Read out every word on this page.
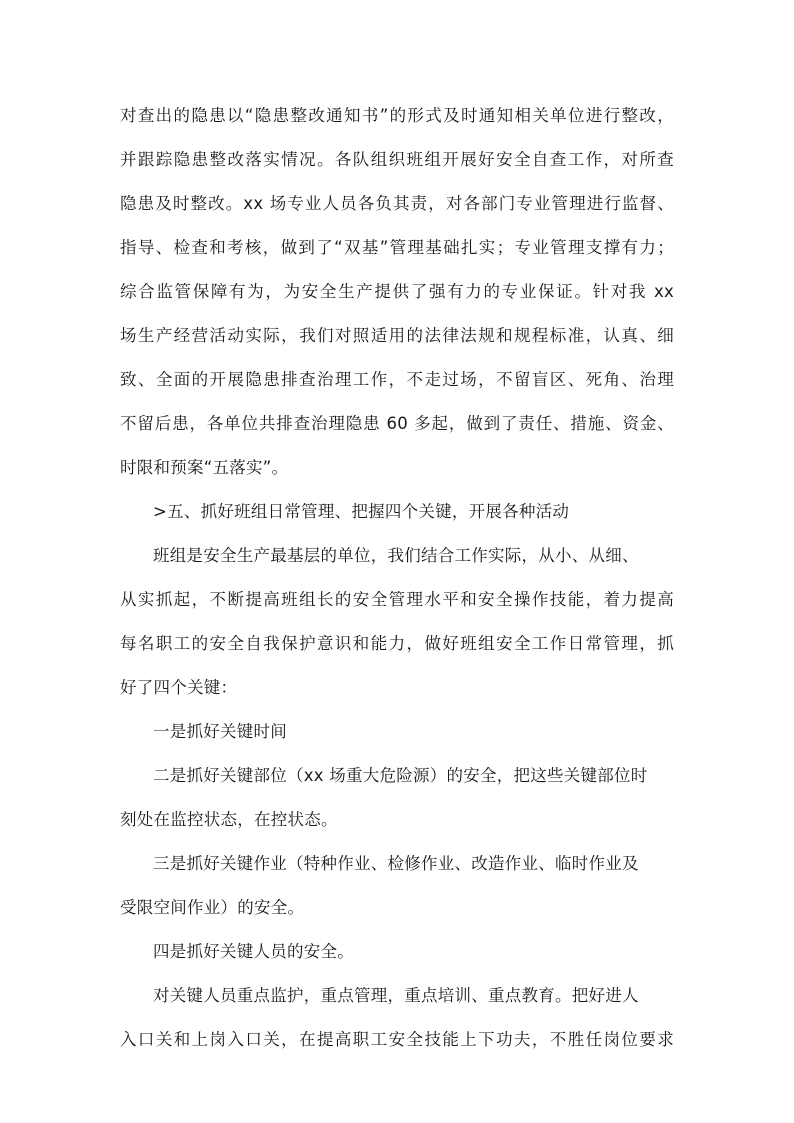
对查出的隐患以“隐患整改通知书”的形式及时通知相关单位进行整改，
并跟踪隐患整改落实情况。各队组织班组开展好安全自查工作，对所查
隐患及时整改。xx 场专业人员各负其责，对各部门专业管理进行监督、
指导、检查和考核，做到了“双基”管理基础扎实；专业管理支撑有力；
综合监管保障有为，为安全生产提供了强有力的专业保证。针对我 xx
场生产经营活动实际，我们对照适用的法律法规和规程标准，认真、细
致、全面的开展隐患排查治理工作，不走过场，不留盲区、死角、治理
不留后患，各单位共排查治理隐患 60 多起，做到了责任、措施、资金、
时限和预案“五落实”。
>五、抓好班组日常管理、把握四个关键，开展各种活动
班组是安全生产最基层的单位，我们结合工作实际，从小、从细、
从实抓起，不断提高班组长的安全管理水平和安全操作技能，着力提高
每名职工的安全自我保护意识和能力，做好班组安全工作日常管理，抓
好了四个关键：
一是抓好关键时间
二是抓好关键部位（xx 场重大危险源）的安全，把这些关键部位时
刻处在监控状态，在控状态。
三是抓好关键作业（特种作业、检修作业、改造作业、临时作业及
受限空间作业）的安全。
四是抓好关键人员的安全。
对关键人员重点监护，重点管理，重点培训、重点教育。把好进人
入口关和上岗入口关，在提高职工安全技能上下功夫，不胜任岗位要求
